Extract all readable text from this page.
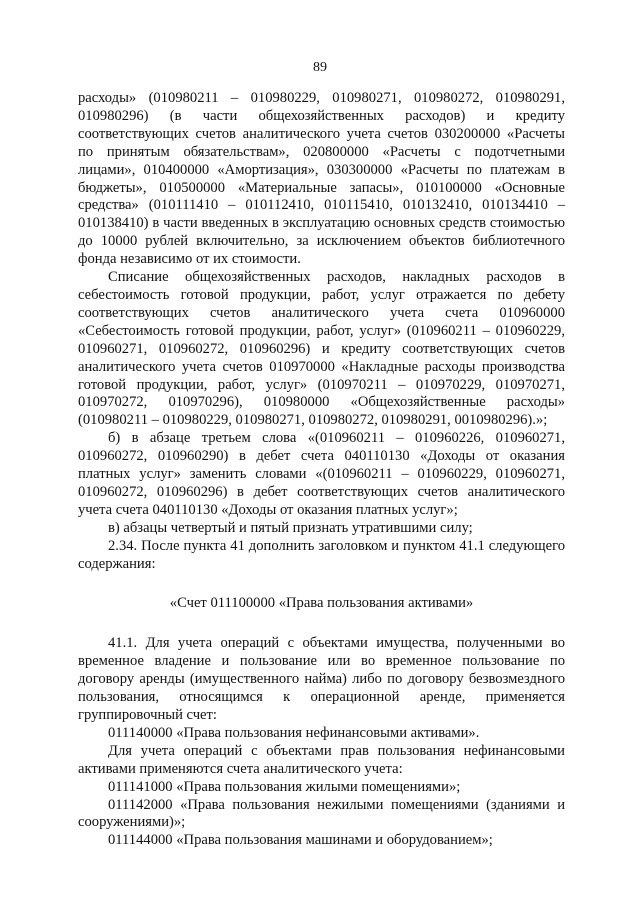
89

расходы» (010980211 – 010980229, 010980271, 010980272, 010980291, 010980296) (в части общехозяйственных расходов) и кредиту соответствующих счетов аналитического учета счетов 030200000 «Расчеты по принятым обязательствам», 020800000 «Расчеты с подотчетными лицами», 010400000 «Амортизация», 030300000 «Расчеты по платежам в бюджеты», 010500000 «Материальные запасы», 010100000 «Основные средства» (010111410 – 010112410, 010115410, 010132410, 010134410 – 010138410) в части введенных в эксплуатацию основных средств стоимостью до 10000 рублей включительно, за исключением объектов библиотечного фонда независимо от их стоимости.

Списание общехозяйственных расходов, накладных расходов в себестоимость готовой продукции, работ, услуг отражается по дебету соответствующих счетов аналитического учета счета 010960000 «Себестоимость готовой продукции, работ, услуг» (010960211 – 010960229, 010960271, 010960272, 010960296) и кредиту соответствующих счетов аналитического учета счетов 010970000 «Накладные расходы производства готовой продукции, работ, услуг» (010970211 – 010970229, 010970271, 010970272, 010970296), 010980000 «Общехозяйственные расходы» (010980211 – 010980229, 010980271, 010980272, 010980291, 0010980296).»;

б) в абзаце третьем слова «(010960211 – 010960226, 010960271, 010960272, 010960290) в дебет счета 040110130 «Доходы от оказания платных услуг» заменить словами «(010960211 – 010960229, 010960271, 010960272, 010960296) в дебет соответствующих счетов аналитического учета счета 040110130 «Доходы от оказания платных услуг»;

в) абзацы четвертый и пятый признать утратившими силу;

2.34. После пункта 41 дополнить заголовком и пунктом 41.1 следующего содержания:

«Счет 011100000 «Права пользования активами»

41.1. Для учета операций с объектами имущества, полученными во временное владение и пользование или во временное пользование по договору аренды (имущественного найма) либо по договору безвозмездного пользования, относящимся к операционной аренде, применяется группировочный счет:

011140000 «Права пользования нефинансовыми активами».

Для учета операций с объектами прав пользования нефинансовыми активами применяются счета аналитического учета:

011141000 «Права пользования жилыми помещениями»;

011142000 «Права пользования нежилыми помещениями (зданиями и сооружениями)»;

011144000 «Права пользования машинами и оборудованием»;
